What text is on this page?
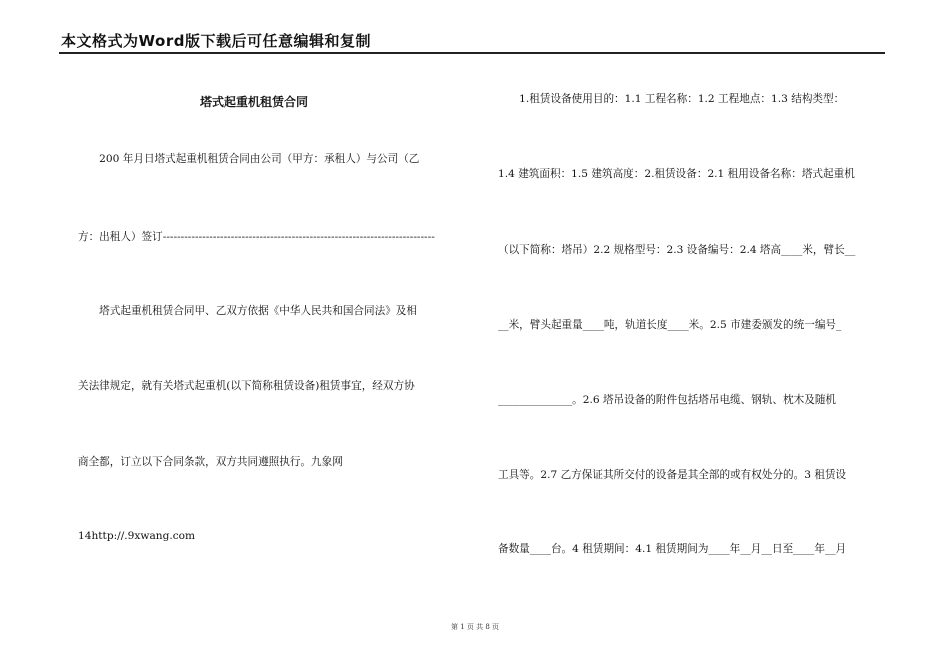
本文格式为Word版下载后可任意编辑和复制
塔式起重机租赁合同
　　200 年月日塔式起重机租赁合同由公司（甲方：承租人）与公司（乙
方：出租人）签订----------------------------------------------------------------------------
　　塔式起重机租赁合同甲、乙双方依据《中华人民共和国合同法》及相
关法律规定，就有关塔式起重机(以下简称租赁设备)租赁事宜，经双方协
商全都，订立以下合同条款，双方共同遵照执行。九象网
14http://.9xwang.com
　　1.租赁设备使用目的：1.1 工程名称：1.2 工程地点：1.3 结构类型：
1.4 建筑面积：1.5 建筑高度：2.租赁设备：2.1 租用设备名称：塔式起重机
（以下简称：塔吊）2.2 规格型号：2.3 设备编号：2.4 塔高____米，臂长__
__米，臂头起重量____吨，轨道长度____米。2.5 市建委颁发的统一编号_
______________。2.6 塔吊设备的附件包括塔吊电缆、钢轨、枕木及随机
工具等。2.7 乙方保证其所交付的设备是其全部的或有权处分的。3 租赁设
备数量____台。4 租赁期间：4.1 租赁期间为____年__月__日至____年__月
第 1 页 共 8 页
